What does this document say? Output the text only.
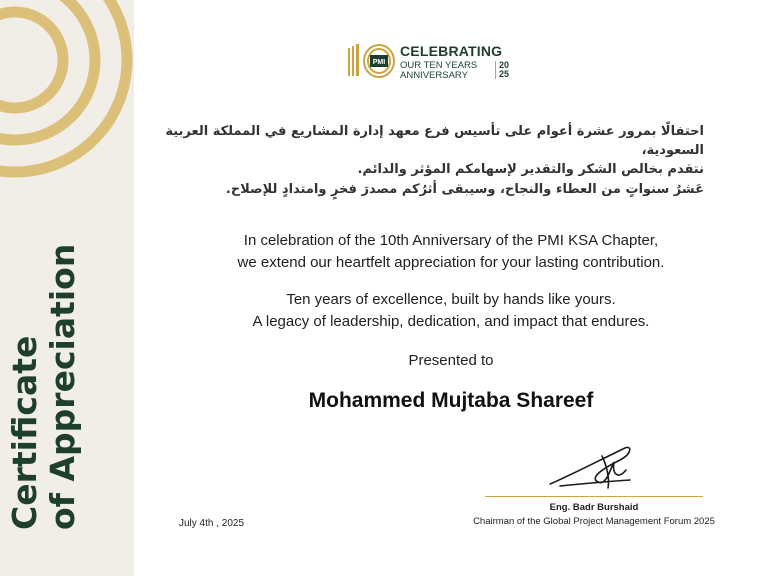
Certificate of Appreciation
PMI
CELEBRATING
OUR TEN YEARS
ANNIVERSARY
20
25
احتفالًا بمرور عشرة أعوام على تأسيس فرع معهد إدارة المشاريع في المملكة العربية السعودية،
نتقدم بخالص الشكر والتقدير لإسهامكم المؤثر والدائم.
عَشرُ سنواتٍ من العطاء والنجاح، وسيبقى أثرُكم مصدرَ فخرٍ وامتدادٍ للإصلاح.
In celebration of the 10th Anniversary of the PMI KSA Chapter,
we extend our heartfelt appreciation for your lasting contribution.
Ten years of excellence, built by hands like yours.
A legacy of leadership, dedication, and impact that endures.
Presented to
Mohammed Mujtaba Shareef
July 4th , 2025
Eng. Badr Burshaid
Chairman of the Global Project Management Forum 2025
